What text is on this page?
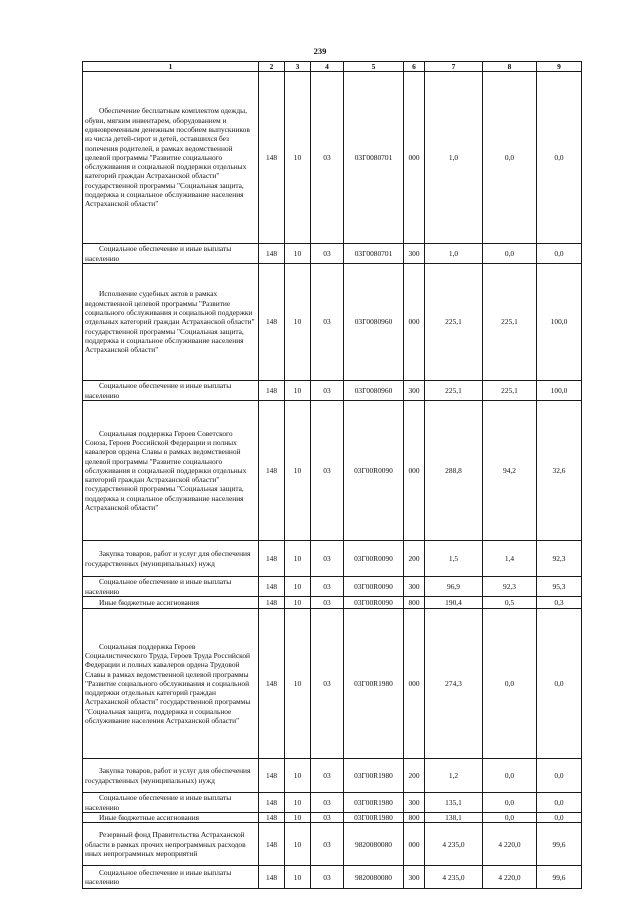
239
1	2	3	4	5	6	7	8	9

Обеспечение бесплатным комплектом одежды, обуви, мягким инвентарем, оборудованием и единовременным денежным пособием выпускников из числа детей-сирот и детей, оставшихся без попечения родителей, в рамках ведомственной целевой программы "Развитие социального обслуживания и социальной поддержки отдельных категорий граждан Астраханской области" государственной программы "Социальная защита, поддержка и социальное обслуживание населения Астраханской области"	148	10	03	03Г0080701	000	1,0	0,0	0,0

Социальное обеспечение и иные выплаты населению	148	10	03	03Г0080701	300	1,0	0,0	0,0

Исполнение судебных актов в рамках ведомственной целевой программы "Развитие социального обслуживания и социальной поддержки отдельных категорий граждан Астраханской области" государственной программы "Социальная защита, поддержка и социальное обслуживание населения Астраханской области"	148	10	03	03Г0080960	000	225,1	225,1	100,0

Социальное обеспечение и иные выплаты населению	148	10	03	03Г0080960	300	225,1	225,1	100,0

Социальная поддержка Героев Советского Союза, Героев Российской Федерации и полных кавалеров ордена Славы в рамках ведомственной целевой программы "Развитие социального обслуживания и социальной поддержки отдельных категорий граждан Астраханской области" государственной программы "Социальная защита, поддержка и социальное обслуживание населения Астраханской области"	148	10	03	03Г00R0090	000	288,8	94,2	32,6

Закупка товаров, работ и услуг для обеспечения государственных (муниципальных) нужд	148	10	03	03Г00R0090	200	1,5	1,4	92,3

Социальное обеспечение и иные выплаты населению	148	10	03	03Г00R0090	300	96,9	92,3	95,3

Иные бюджетные ассигнования	148	10	03	03Г00R0090	800	190,4	0,5	0,3

Социальная поддержка Героев Социалистического Труда, Героев Труда Российской Федерации и полных кавалеров ордена Трудовой Славы в рамках ведомственной целевой программы "Развитие социального обслуживания и социальной поддержки отдельных категорий граждан Астраханской области" государственной программы "Социальная защита, поддержка и социальное обслуживание населения Астраханской области"	148	10	03	03Г00R1980	000	274,3	0,0	0,0

Закупка товаров, работ и услуг для обеспечения государственных (муниципальных) нужд	148	10	03	03Г00R1980	200	1,2	0,0	0,0

Социальное обеспечение и иные выплаты населению	148	10	03	03Г00R1980	300	135,1	0,0	0,0

Иные бюджетные ассигнования	148	10	03	03Г00R1980	800	138,1	0,0	0,0

Резервный фонд Правительства Астраханской области в рамках прочих непрограммных расходов иных непрограммных мероприятий	148	10	03	9820080080	000	4 235,0	4 220,0	99,6

Социальное обеспечение и иные выплаты населению	148	10	03	9820080080	300	4 235,0	4 220,0	99,6
